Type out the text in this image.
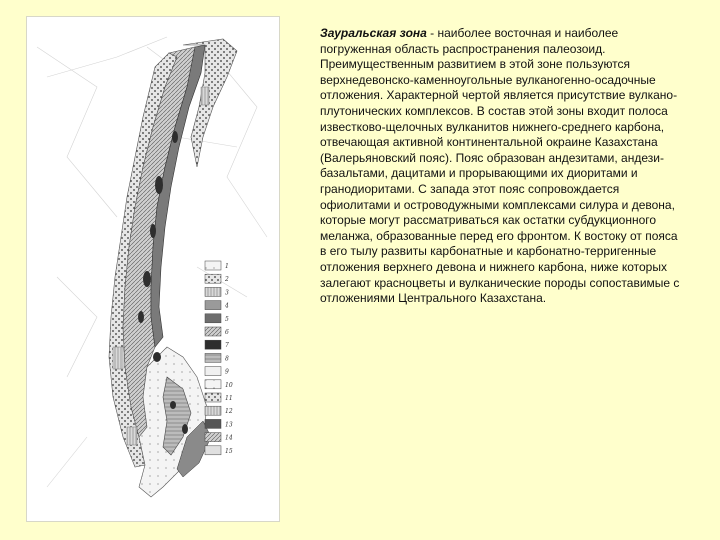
1
2
3
4
5
6
7
8
9
10
11
12
13
14
15
Зауральская зона - наиболее восточная и наиболее погруженная область распространения палеозоид. Преимущественным развитием в этой зоне пользуются верхнедевонско-каменноугольные вулканогенно-осадочные отложения. Характерной чертой является присутствие вулкано-плутонических комплексов. В состав этой зоны входит полоса известково-щелочных вулканитов нижнего-среднего карбона, отвечающая активной континентальной окраине Казахстана (Валерьяновский пояс). Пояс образован андезитами, андези-базальтами, дацитами и прорывающими их диоритами и гранодиоритами. С запада этот пояс сопровождается офиолитами и островодужными комплексами силура и девона, которые могут рассматриваться как остатки субдукционного меланжа, образованные перед его фронтом. К востоку от пояса в его тылу развиты карбонатные и карбонатно-терригенные отложения верхнего девона и нижнего карбона, ниже которых залегают красноцветы и вулканические породы сопоставимые с отложениями Центрального Казахстана.
